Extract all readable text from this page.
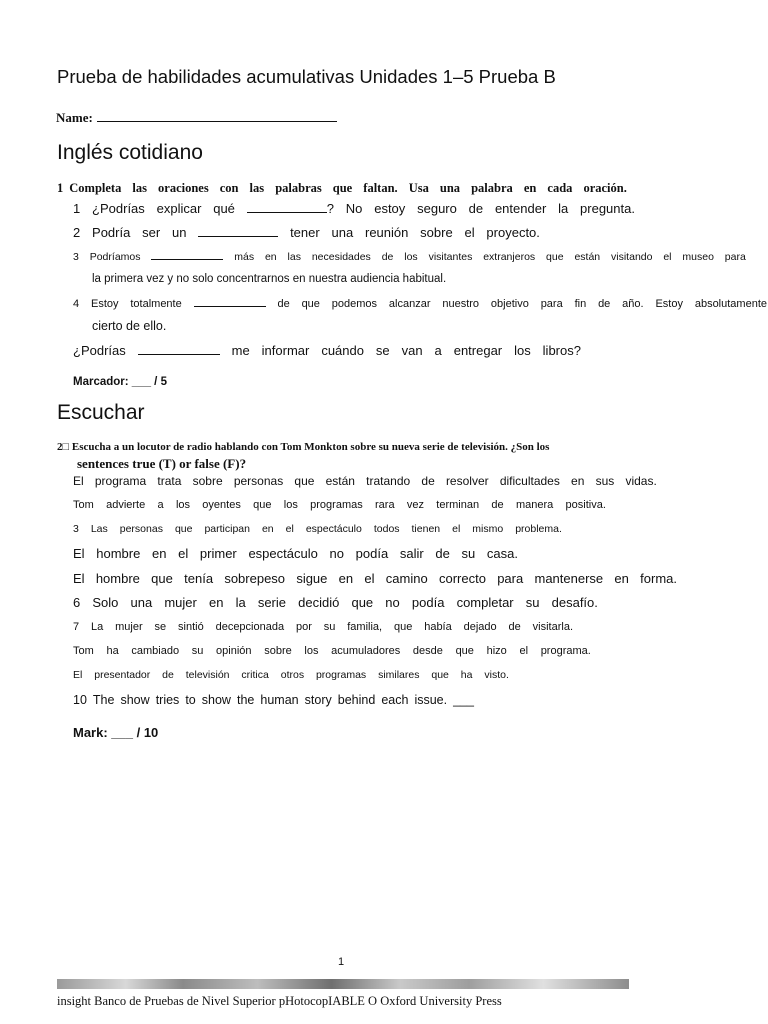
Prueba de habilidades acumulativas Unidades 1–5 Prueba B
Name:
Inglés cotidiano
1 Completa las oraciones con las palabras que faltan. Usa una palabra en cada oración.
1 ¿Podrías explicar qué	? No estoy seguro de entender la pregunta.
2 Podría ser un	tener una reunión sobre el proyecto.
3 Podríamos	más en las necesidades de los visitantes extranjeros que están visitando el museo para
la primera vez y no solo concentrarnos en nuestra audiencia habitual.
4 Estoy totalmente	de que podemos alcanzar nuestro objetivo para fin de año. Estoy absolutamente
cierto de ello.
¿Podrías	me informar cuándo se van a entregar los libros?
Marcador: ___ / 5
Escuchar
2□ Escucha a un locutor de radio hablando con Tom Monkton sobre su nueva serie de televisión. ¿Son los
sentences true (T) or false (F)?
El programa trata sobre personas que están tratando de resolver dificultades en sus vidas.
Tom advierte a los oyentes que los programas rara vez terminan de manera positiva.
3 Las personas que participan en el espectáculo todos tienen el mismo problema.
El hombre en el primer espectáculo no podía salir de su casa.
El hombre que tenía sobrepeso sigue en el camino correcto para mantenerse en forma.
6 Solo una mujer en la serie decidió que no podía completar su desafío.
7 La mujer se sintió decepcionada por su familia, que había dejado de visitarla.
Tom ha cambiado su opinión sobre los acumuladores desde que hizo el programa.
El presentador de televisión critica otros programas similares que ha visto.
10 The show tries to show the human story behind each issue. ___
Mark: ___ / 10
1
insight Banco de Pruebas de Nivel Superior pHotocopIABLE O Oxford University Press
